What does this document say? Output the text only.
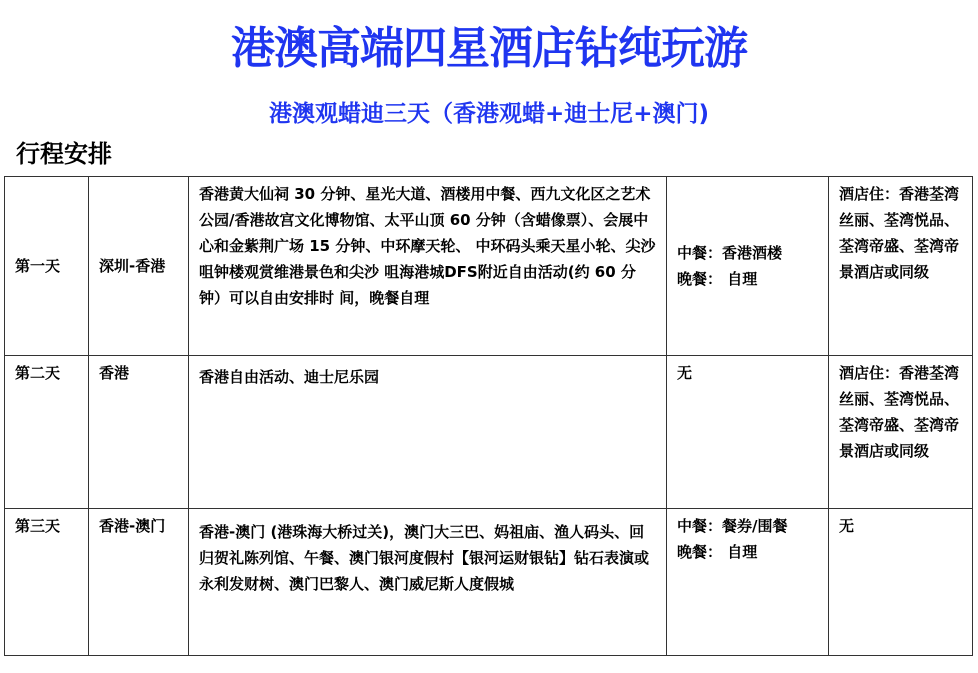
港澳高端四星酒店钻纯玩游
港澳观蜡迪三天（香港观蜡+迪士尼+澳门)
行程安排
第一天	深圳-香港	香港黄大仙祠 30 分钟、星光大道、酒楼用中餐、西九文化区之艺术公园/香港故宫文化博物馆、太平山顶 60 分钟（含蜡像票）、会展中心和金紫荆广场 15 分钟、中环摩天轮、 中环码头乘天星小轮、尖沙咀钟楼观赏维港景色和尖沙 咀海港城DFS附近自由活动(约 60 分钟）可以自由安排时 间，晚餐自理	中餐：香港酒楼
晚餐： 自理	酒店住：香港荃湾丝丽、荃湾悦品、荃湾帝盛、荃湾帝景酒店或同级
第二天	香港	香港自由活动、迪士尼乐园	无	酒店住：香港荃湾丝丽、荃湾悦品、荃湾帝盛、荃湾帝景酒店或同级
第三天	香港-澳门	香港-澳门 (港珠海大桥过关)，澳门大三巴、妈祖庙、渔人码头、回归贺礼陈列馆、午餐、澳门银河度假村【银河运财银钻】钻石表演或永利发财树、澳门巴黎人、澳门威尼斯人度假城	中餐：餐券/围餐
晚餐： 自理	无
